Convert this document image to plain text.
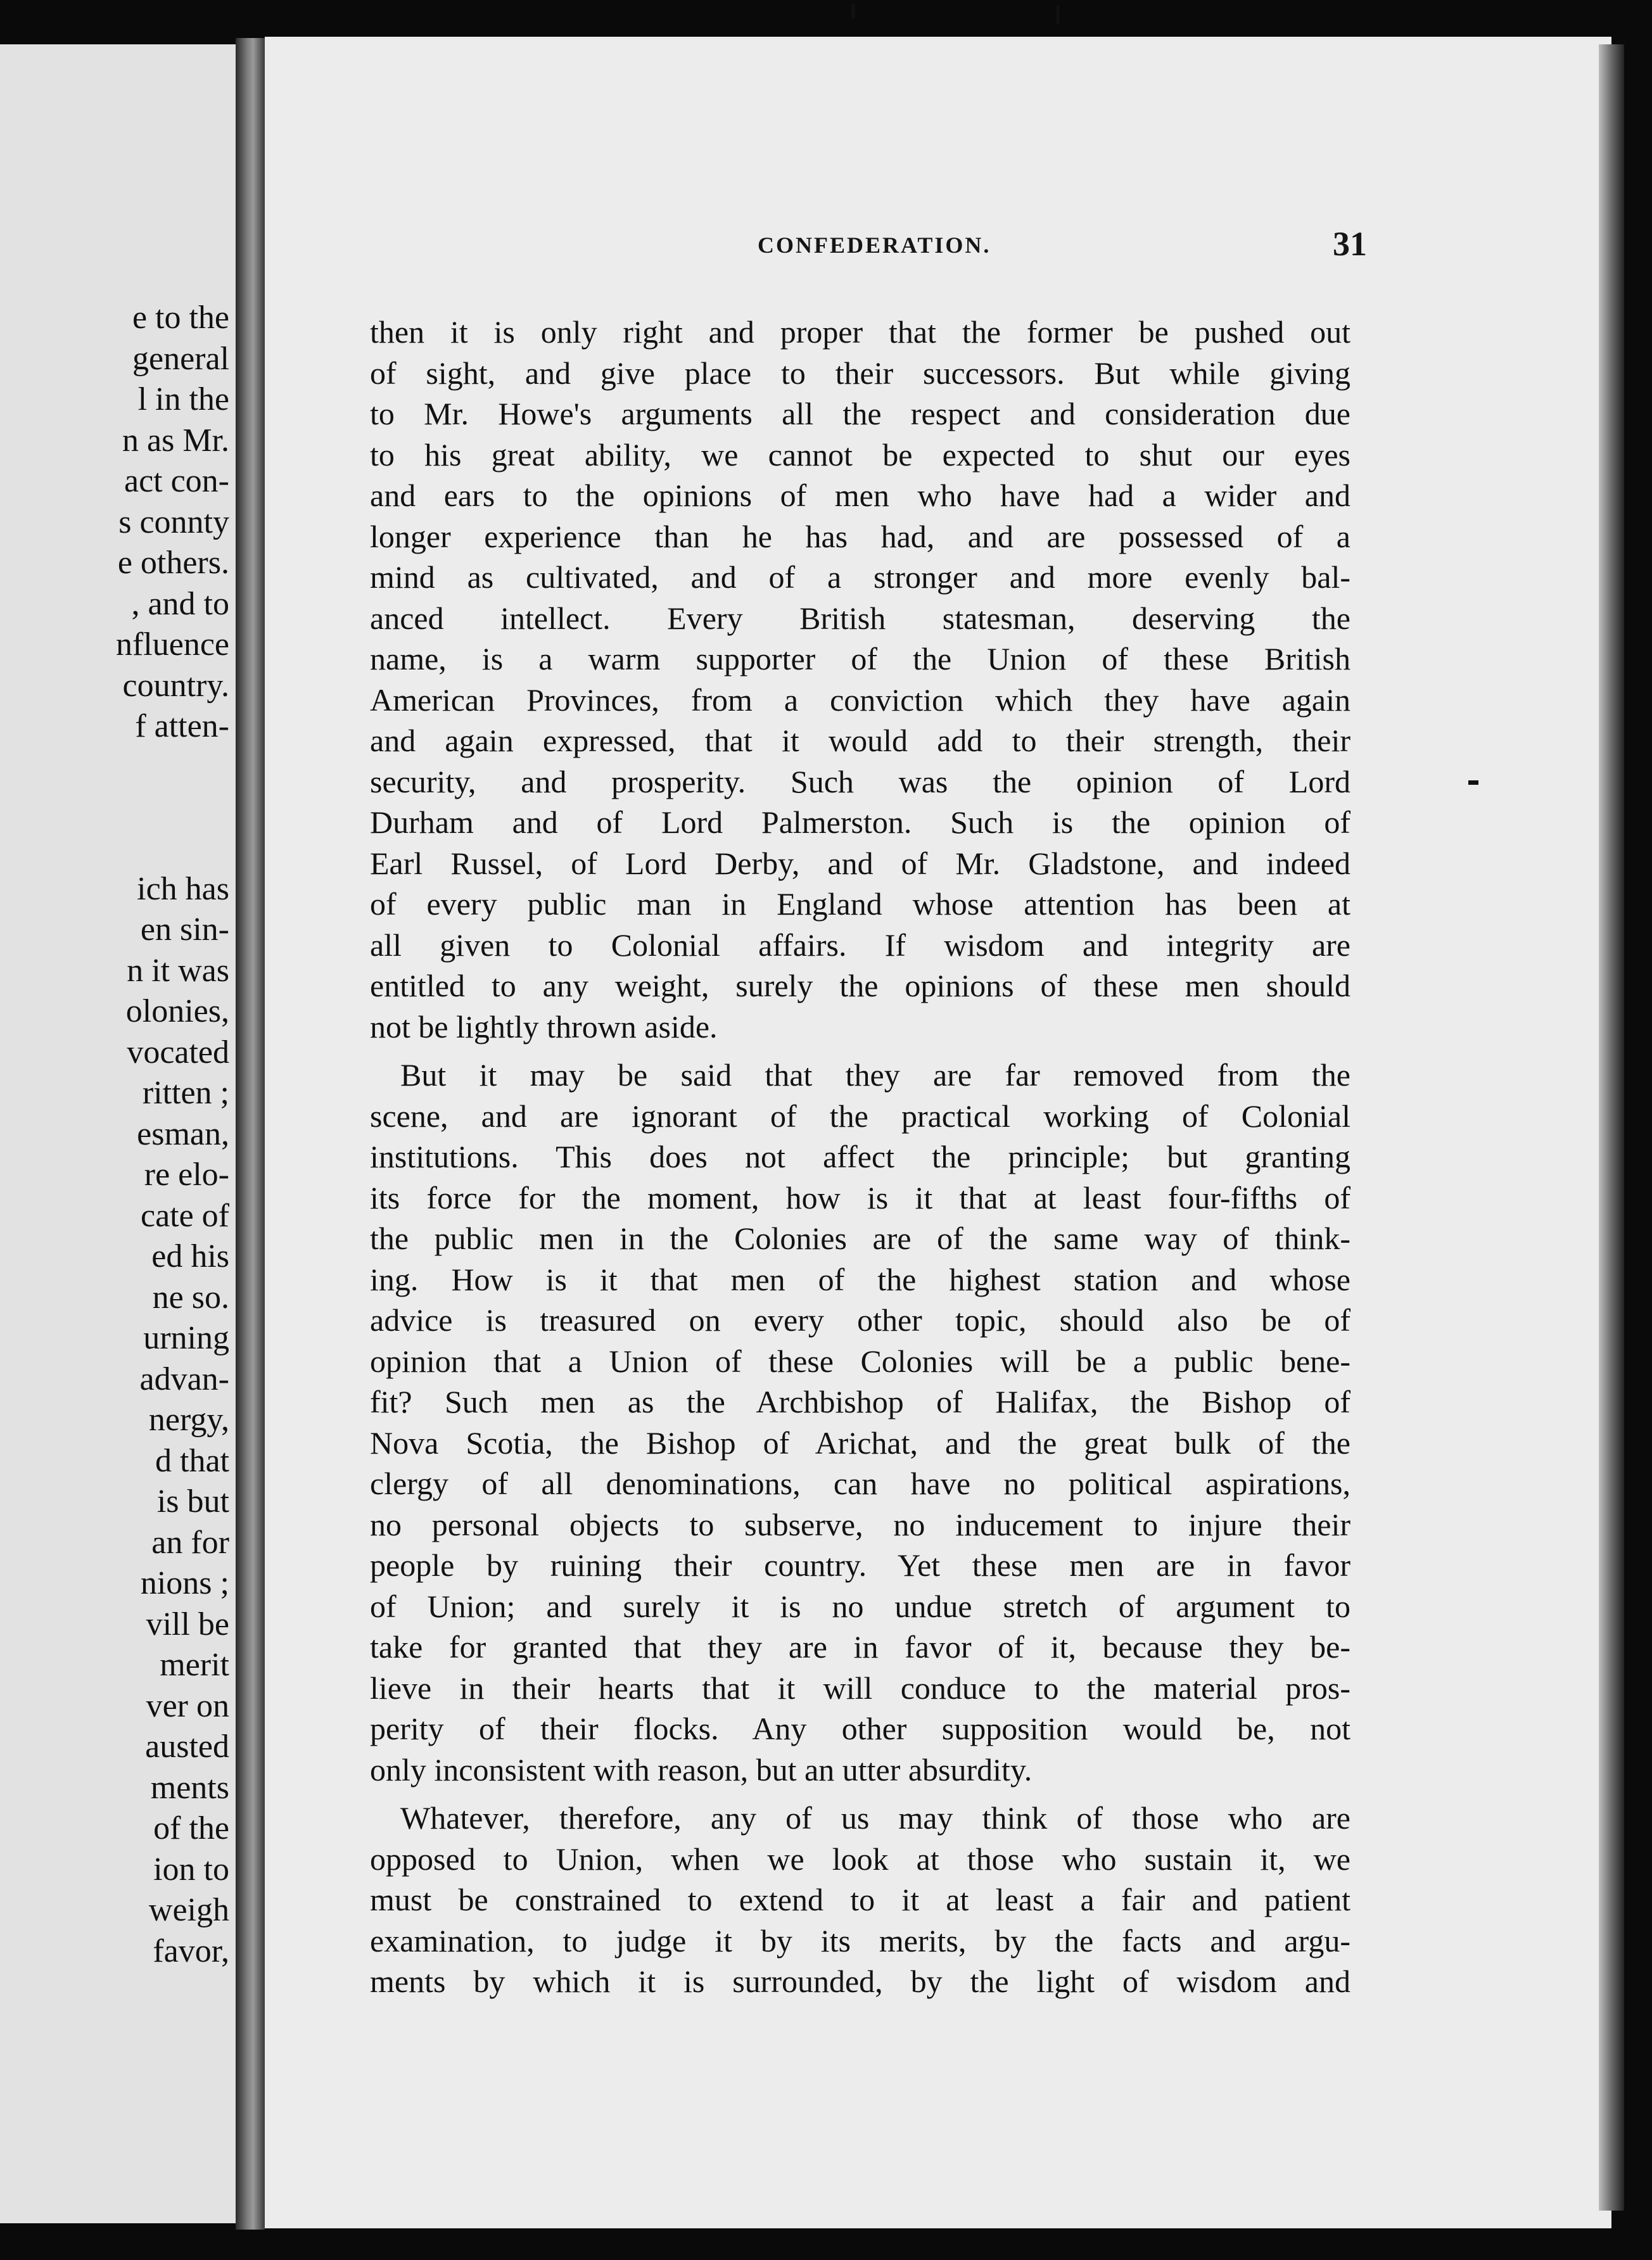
e to the
general
l in the
n as Mr.
act con-
s connty
e others.
, and to
nfluence
country.
f atten-
ich has
en sin-
n it was
olonies,
vocated
ritten ;
esman,
re elo-
cate of
ed his
ne so.
urning
advan-
nergy,
d that
is but
an for
nions ;
vill be
merit
ver on
austed
ments
of the
ion to
weigh
favor,
CONFEDERATION.	31
then it is only right and proper that the former be pushed out
of sight, and give place to their successors. But while giving
to Mr. Howe's arguments all the respect and consideration due
to his great ability, we cannot be expected to shut our eyes
and ears to the opinions of men who have had a wider and
longer experience than he has had, and are possessed of a
mind as cultivated, and of a stronger and more evenly bal-
anced intellect. Every British statesman, deserving the
name, is a warm supporter of the Union of these British
American Provinces, from a conviction which they have again
and again expressed, that it would add to their strength, their
security, and prosperity. Such was the opinion of Lord
Durham and of Lord Palmerston. Such is the opinion of
Earl Russel, of Lord Derby, and of Mr. Gladstone, and indeed
of every public man in England whose attention has been at
all given to Colonial affairs. If wisdom and integrity are
entitled to any weight, surely the opinions of these men should
not be lightly thrown aside.
But it may be said that they are far removed from the
scene, and are ignorant of the practical working of Colonial
institutions. This does not affect the principle; but granting
its force for the moment, how is it that at least four-fifths of
the public men in the Colonies are of the same way of think-
ing. How is it that men of the highest station and whose
advice is treasured on every other topic, should also be of
opinion that a Union of these Colonies will be a public bene-
fit? Such men as the Archbishop of Halifax, the Bishop of
Nova Scotia, the Bishop of Arichat, and the great bulk of the
clergy of all denominations, can have no political aspirations,
no personal objects to subserve, no inducement to injure their
people by ruining their country. Yet these men are in favor
of Union; and surely it is no undue stretch of argument to
take for granted that they are in favor of it, because they be-
lieve in their hearts that it will conduce to the material pros-
perity of their flocks. Any other supposition would be, not
only inconsistent with reason, but an utter absurdity.
Whatever, therefore, any of us may think of those who are
opposed to Union, when we look at those who sustain it, we
must be constrained to extend to it at least a fair and patient
examination, to judge it by its merits, by the facts and argu-
ments by which it is surrounded, by the light of wisdom and
